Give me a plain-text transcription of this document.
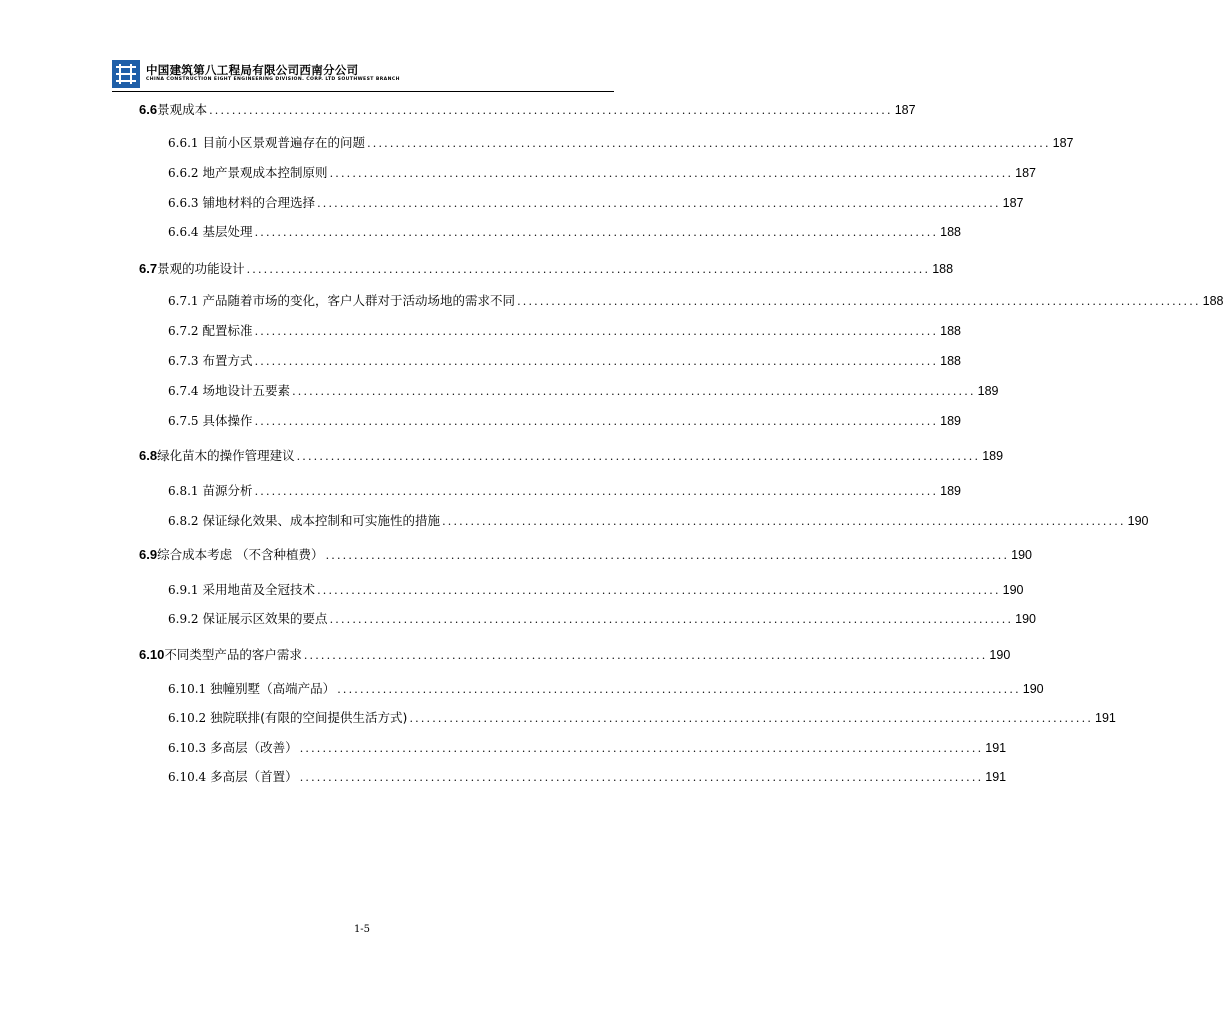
中国建筑第八工程局有限公司西南分公司
CHINA CONSTRUCTION EIGHT ENGINEERING DIVISION. CORP. LTD SOUTHWEST BRANCH
6.6 景观成本 ........................................................................................................................ 187
6.6.1 目前小区景观普遍存在的问题 ........................................................................................................................ 187
6.6.2 地产景观成本控制原则 ........................................................................................................................ 187
6.6.3 铺地材料的合理选择 ........................................................................................................................ 187
6.6.4 基层处理 ........................................................................................................................ 188
6.7 景观的功能设计 ........................................................................................................................ 188
6.7.1 产品随着市场的变化，客户人群对于活动场地的需求不同 ........................................................................................................................ 188
6.7.2 配置标准 ........................................................................................................................ 188
6.7.3 布置方式 ........................................................................................................................ 188
6.7.4 场地设计五要素 ........................................................................................................................ 189
6.7.5 具体操作 ........................................................................................................................ 189
6.8 绿化苗木的操作管理建议 ........................................................................................................................ 189
6.8.1 苗源分析 ........................................................................................................................ 189
6.8.2 保证绿化效果、成本控制和可实施性的措施 ........................................................................................................................ 190
6.9 综合成本考虑 （不含种植费） ........................................................................................................................ 190
6.9.1 采用地苗及全冠技术 ........................................................................................................................ 190
6.9.2 保证展示区效果的要点 ........................................................................................................................ 190
6.10 不同类型产品的客户需求 ........................................................................................................................ 190
6.10.1 独幢别墅（高端产品） ........................................................................................................................ 190
6.10.2 独院联排(有限的空间提供生活方式) ........................................................................................................................ 191
6.10.3 多高层（改善） ........................................................................................................................ 191
6.10.4 多高层（首置） ........................................................................................................................ 191
1-5
